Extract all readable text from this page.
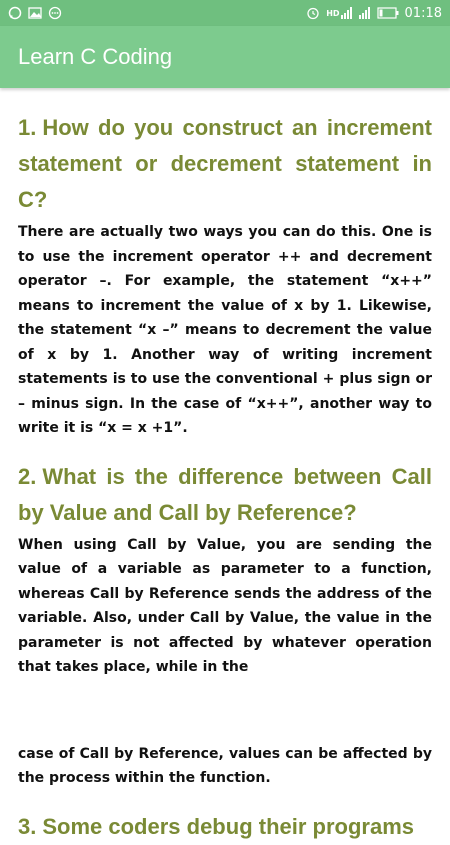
HD	01:18
Learn C Coding
1. How do you construct an increment statement or decrement statement in C?

There are actually two ways you can do this. One is to use the increment operator ++ and decrement operator –. For example, the statement “x++” means to increment the value of x by 1. Likewise, the statement “x –” means to decrement the value of x by 1. Another way of writing increment statements is to use the conventional + plus sign or – minus sign. In the case of “x++”, another way to write it is “x = x +1”.

2. What is the difference between Call by Value and Call by Reference?

When using Call by Value, you are sending the value of a variable as parameter to a function, whereas Call by Reference sends the address of the variable. Also, under Call by Value, the value in the parameter is not affected by whatever operation that takes place, while in the

case of Call by Reference, values can be affected by the process within the function.

3. Some coders debug their programs
